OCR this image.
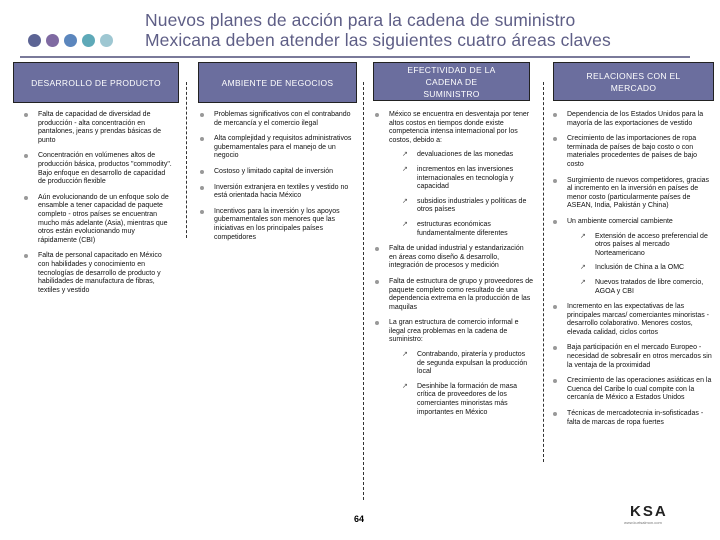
Nuevos planes de acción para la cadena de suministro
Mexicana deben atender las siguientes cuatro áreas claves
DESARROLLO DE PRODUCTO	AMBIENTE DE NEGOCIOS
EFECTIVIDAD DE LA CADENA DE SUMINISTRO
RELACIONES CON EL MERCADO
Falta de capacidad de diversidad de producción - alta concentración en pantalones, jeans y prendas básicas de punto
Concentración en volúmenes altos de producción básica, productos "commodity". Bajo enfoque en desarrollo de capacidad de producción flexible
Aún evolucionando de un enfoque solo de ensamble a tener capacidad de paquete completo - otros países se encuentran mucho más adelante (Asia), mientras que otros están evolucionando muy rápidamente (CBI)
Falta de personal capacitado en México con habilidades y conocimiento en tecnologías de desarrollo de producto y habilidades de manufactura de fibras, textiles y vestido
Problemas significativos con el contrabando de mercancía y el comercio ilegal
Alta complejidad y requisitos administrativos gubernamentales para el manejo de un negocio
Costoso y limitado capital de inversión
Inversión extranjera en textiles y vestido no está orientada hacia México
Incentivos para la inversión y los apoyos gubernamentales son menores que las iniciativas en los principales países competidores
México se encuentra en desventaja por tener altos costos en tiempos donde existe competencia intensa internacional por los costos, debido a:
↗ devaluaciones de las monedas
↗ incrementos en las inversiones internacionales en tecnología y capacidad
↗ subsidios industriales y políticas de otros países
↗ estructuras económicas fundamentalmente diferentes
Falta de unidad industrial y estandarización en áreas como diseño & desarrollo, integración de procesos y medición
Falta de estructura de grupo y proveedores de paquete completo como resultado de una dependencia extrema en la producción de las maquilas
La gran estructura de comercio informal e ilegal crea problemas en la cadena de suministro:
↗ Contrabando, piratería y productos de segunda expulsan la producción local
↗ Desinhibe la formación de masa crítica de proveedores de los comerciantes minoristas más importantes en México
Dependencia de los Estados Unidos para la mayoría de las exportaciones de vestido
Crecimiento de las importaciones de ropa terminada de países de bajo costo o con materiales procedentes de países de bajo costo
Surgimiento de nuevos competidores, gracias al incremento en la inversión en países de menor costo (particularmente países de ASEAN, India, Pakistán y China)
Un ambiente comercial cambiente
↗ Extensión de acceso preferencial de otros países al mercado Norteamericano
↗ Inclusión de China a la OMC
↗ Nuevos tratados de libre comercio, AGOA y CBI
Incremento en las expectativas de las principales marcas/ comerciantes minoristas - desarrollo colaborativo. Menores costos, elevada calidad, ciclos cortos
Baja participación en el mercado Europeo - necesidad de sobresalir en otros mercados sin la ventaja de la proximidad
Crecimiento de las operaciones asiáticas en la Cuenca del Caribe lo cual compite con la cercanía de México a Estados Unidos
Técnicas de mercadotecnia in-sofisticadas - falta de marcas de ropa fuertes
64	KSA
www.kurtsalmon.com
